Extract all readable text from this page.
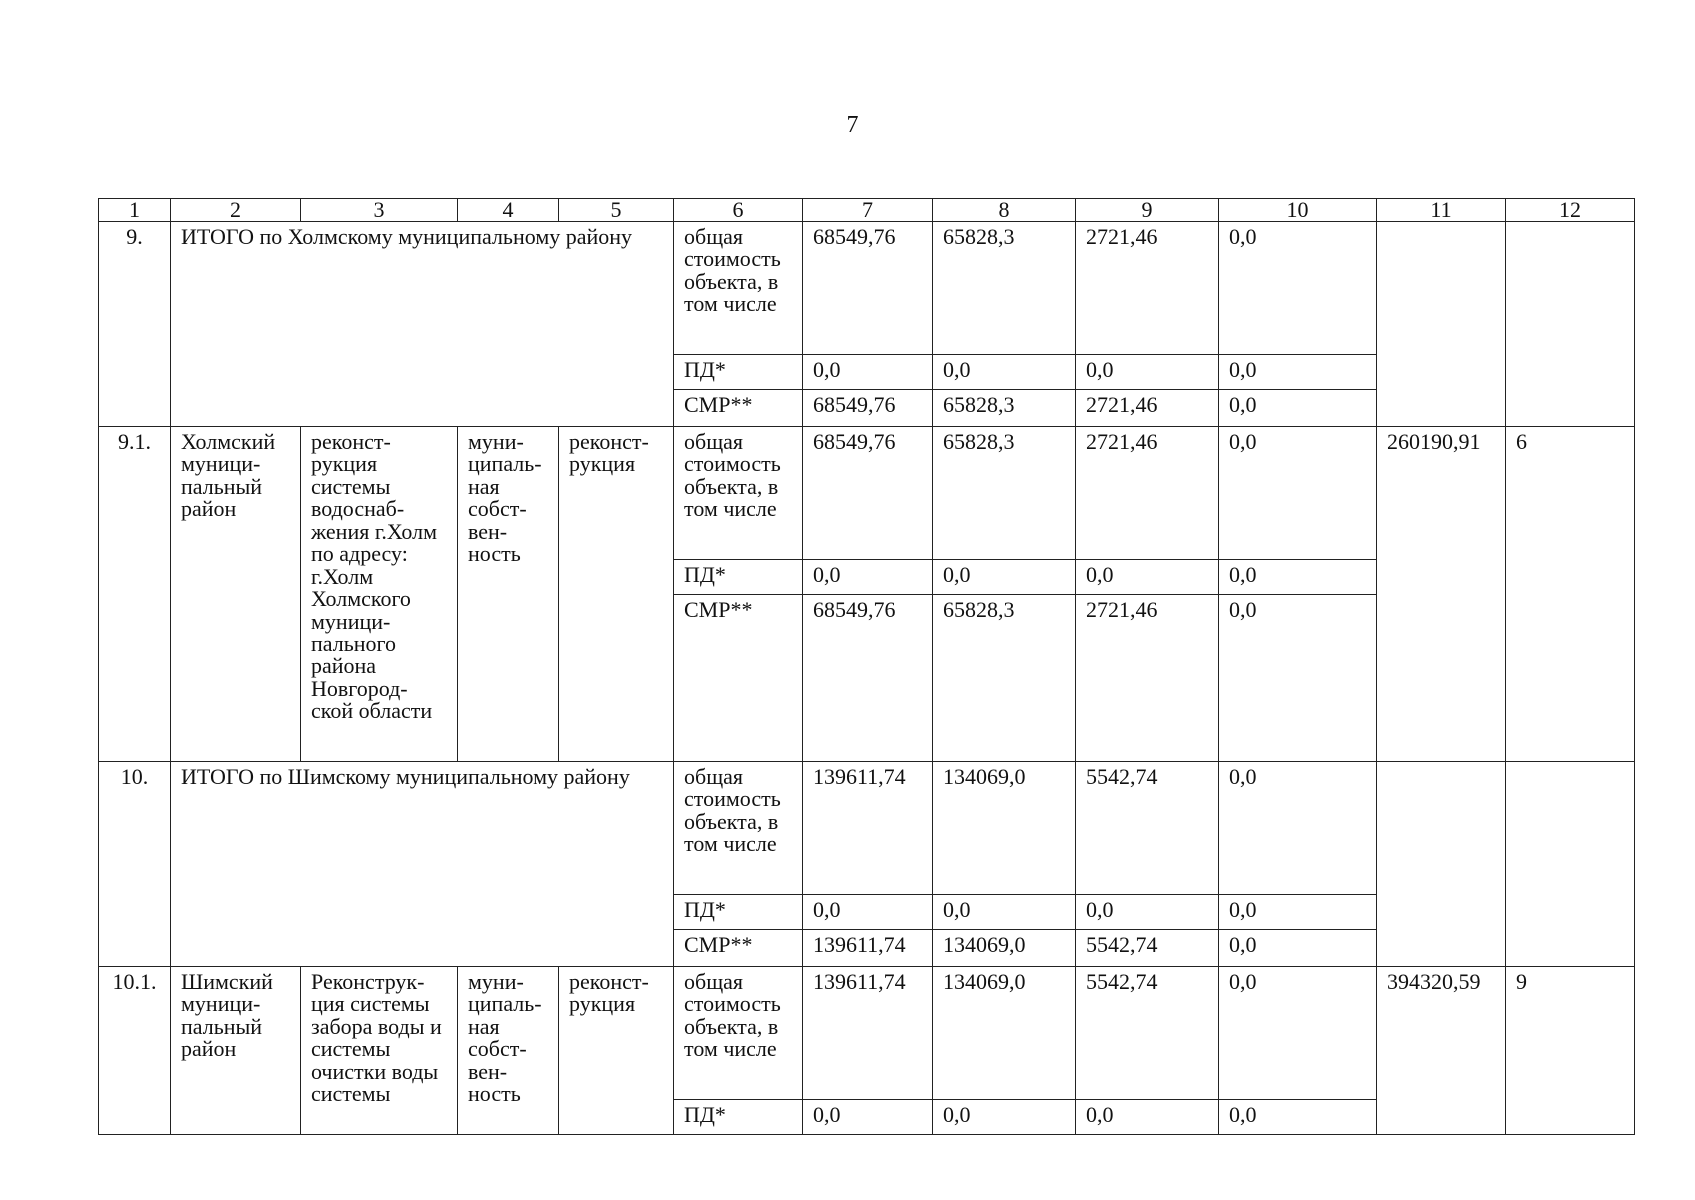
7
1	2	3	4	5	6	7	8	9	10	11	12
9.	ИТОГО по Холмскому муниципальному району				общая стоимость объекта, в том числе	68549,76	65828,3	2721,46	0,0		
					ПД*	0,0	0,0	0,0	0,0		
					СМР**	68549,76	65828,3	2721,46	0,0		
9.1.	Холмский муници-пальный район	реконст-рукция системы водоснаб-жения г.Холм по адресу: г.Холм Холмского муници-пального района Новгород-ской области	муни-ципаль-ная собст-вен-ность	реконст-рукция	общая стоимость объекта, в том числе	68549,76	65828,3	2721,46	0,0	260190,91	6
					ПД*	0,0	0,0	0,0	0,0		
					СМР**	68549,76	65828,3	2721,46	0,0		
10.	ИТОГО по Шимскому муниципальному району				общая стоимость объекта, в том числе	139611,74	134069,0	5542,74	0,0		
					ПД*	0,0	0,0	0,0	0,0		
					СМР**	139611,74	134069,0	5542,74	0,0		
10.1.	Шимский муници-пальный район	Реконструк-ция системы забора воды и системы очистки воды системы	муни-ципаль-ная собст-вен-ность	реконст-рукция	общая стоимость объекта, в том числе	139611,74	134069,0	5542,74	0,0	394320,59	9
					ПД*	0,0	0,0	0,0	0,0		
